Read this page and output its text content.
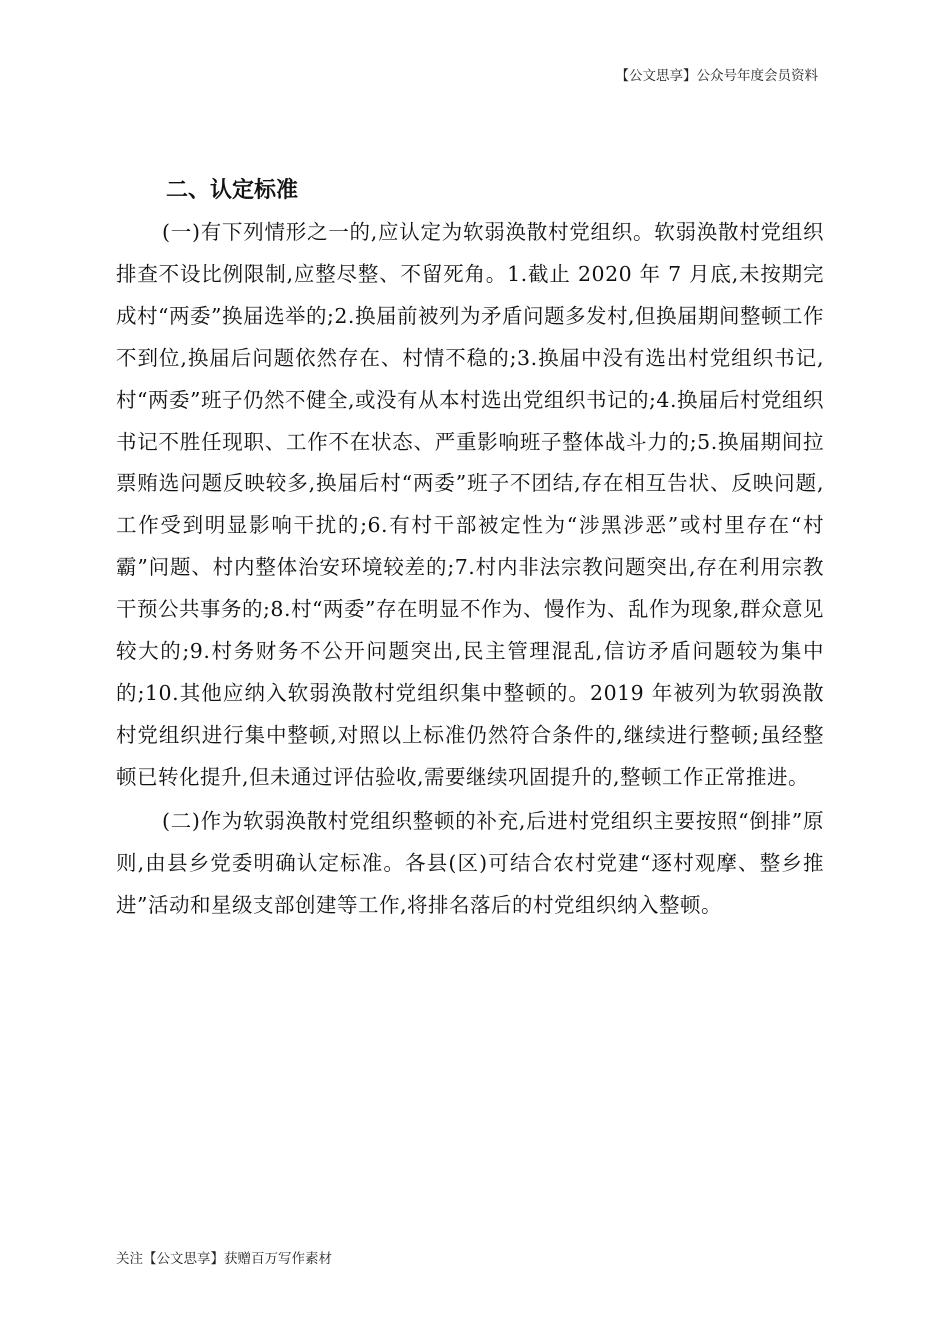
【公文思享】公众号年度会员资料
二、认定标准

(一)有下列情形之一的,应认定为软弱涣散村党组织。软弱涣散村党组织排查不设比例限制,应整尽整、不留死角。1.截止 2020 年 7 月底,未按期完成村“两委”换届选举的;2.换届前被列为矛盾问题多发村,但换届期间整顿工作不到位,换届后问题依然存在、村情不稳的;3.换届中没有选出村党组织书记,村“两委”班子仍然不健全,或没有从本村选出党组织书记的;4.换届后村党组织书记不胜任现职、工作不在状态、严重影响班子整体战斗力的;5.换届期间拉票贿选问题反映较多,换届后村“两委”班子不团结,存在相互告状、反映问题,工作受到明显影响干扰的;6.有村干部被定性为“涉黑涉恶”或村里存在“村霸”问题、村内整体治安环境较差的;7.村内非法宗教问题突出,存在利用宗教干预公共事务的;8.村“两委”存在明显不作为、慢作为、乱作为现象,群众意见较大的;9.村务财务不公开问题突出,民主管理混乱,信访矛盾问题较为集中的;10.其他应纳入软弱涣散村党组织集中整顿的。2019 年被列为软弱涣散村党组织进行集中整顿,对照以上标准仍然符合条件的,继续进行整顿;虽经整顿已转化提升,但未通过评估验收,需要继续巩固提升的,整顿工作正常推进。

(二)作为软弱涣散村党组织整顿的补充,后进村党组织主要按照“倒排”原则,由县乡党委明确认定标准。各县(区)可结合农村党建“逐村观摩、整乡推进”活动和星级支部创建等工作,将排名落后的村党组织纳入整顿。

关注【公文思享】获赠百万写作素材
